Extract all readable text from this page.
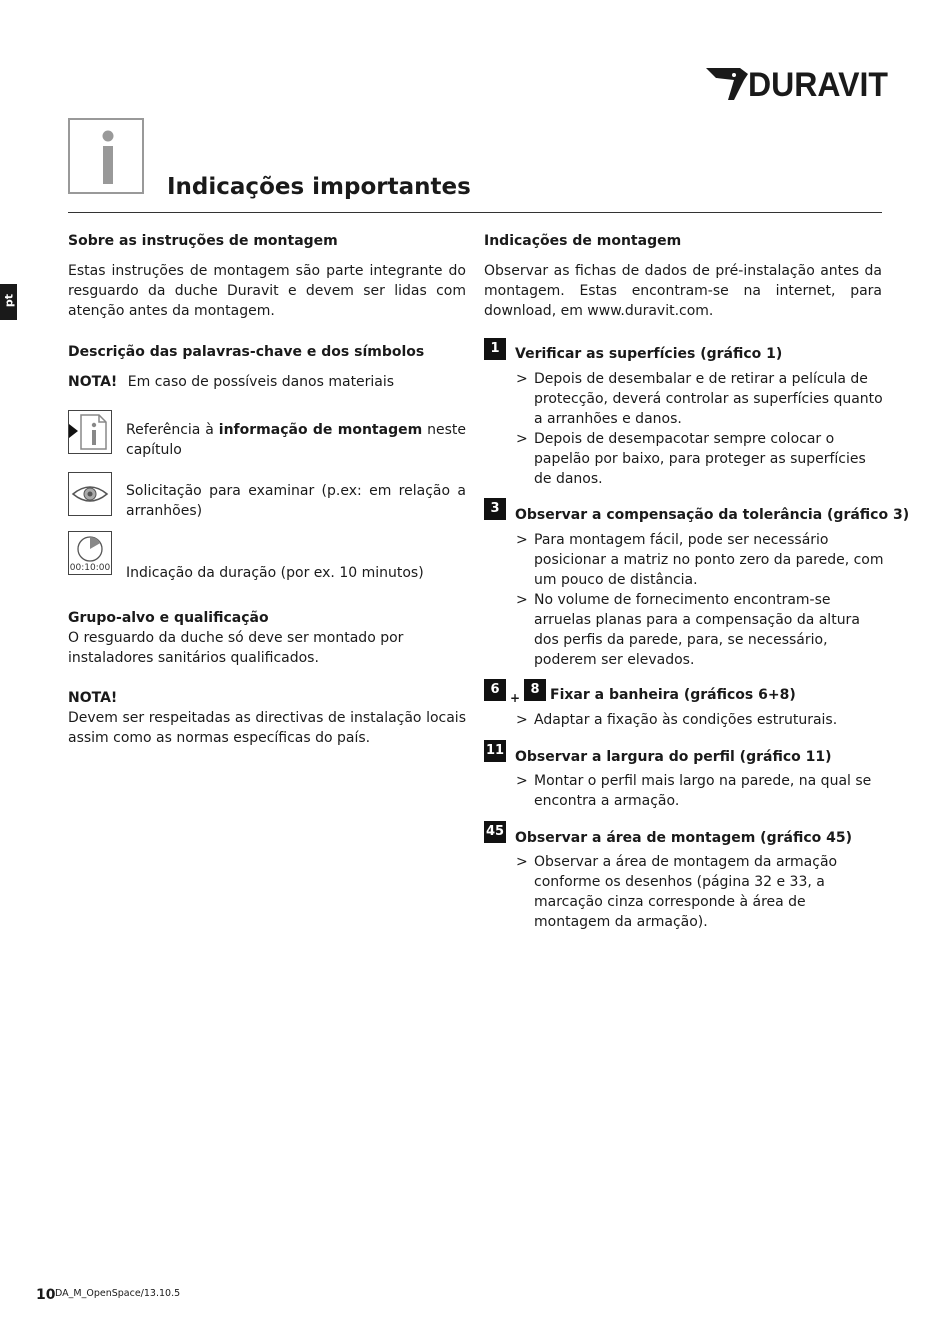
DURAVIT
pt
Indicações importantes
Sobre as instruções de montagem
Estas instruções de montagem são parte integrante do resguardo da duche Duravit e devem ser lidas com atenção antes da montagem.
Descrição das palavras-chave e dos símbolos
NOTA! Em caso de possíveis danos materiais
Referência à informação de montagem neste capítulo
Solicitação para examinar (p.ex: em relação a arranhões)
00:10:00 Indicação da duração (por ex. 10 minutos)
Grupo-alvo e qualificação
O resguardo da duche só deve ser montado por instaladores sanitários qualificados.
NOTA!
Devem ser respeitadas as directivas de instalação locais assim como as normas específicas do país.
Indicações de montagem
Observar as fichas de dados de pré-instalação antes da montagem. Estas encontram-se na internet, para download, em www.duravit.com.
1	Verificar as superfícies (gráfico 1)
> Depois de desembalar e de retirar a película de protecção, deverá controlar as superfícies quanto a arranhões e danos.
> Depois de desempacotar sempre colocar o papelão por baixo, para proteger as superfícies de danos.
3	Observar a compensação da tolerância (gráfico 3)
> Para montagem fácil, pode ser necessário posicionar a matriz no ponto zero da parede, com um pouco de distância.
> No volume de fornecimento encontram-se arruelas planas para a compensação da altura dos perfis da parede, para, se necessário, poderem ser elevados.
6
+
8 Fixar a banheira (gráficos 6+8)
> Adaptar a fixação às condições estruturais.
11 Observar a largura do perfil (gráfico 11)
> Montar o perfil mais largo na parede, na qual se encontra a armação.
45 Observar a área de montagem (gráfico 45)
> Observar a área de montagem da armação conforme os desenhos (página 32 e 33, a marcação cinza corresponde à área de montagem da armação).
10 DA_M_OpenSpace/13.10.5
